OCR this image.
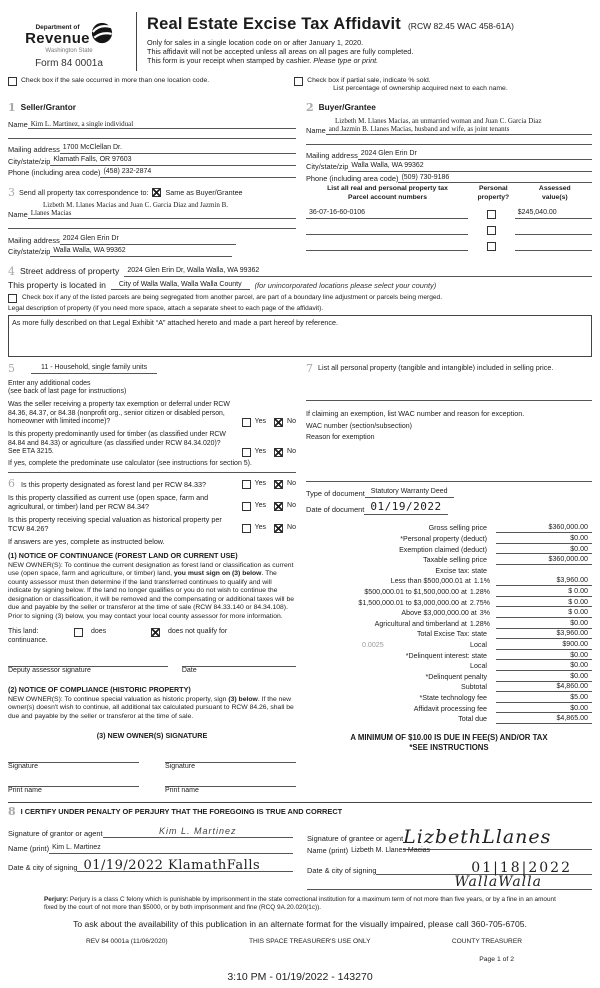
Department of
Revenue
Washington State
Form 84 0001a
Real Estate Excise Tax Affidavit (RCW 82.45 WAC 458-61A)
Only for sales in a single location code on or after January 1, 2020.
This affidavit will not be accepted unless all areas on all pages are fully completed.
This form is your receipt when stamped by cashier. Please type or print.
Check box if the sale occurred in more than one location code.	Check box if partial sale, indicate % sold.
List percentage of ownership acquired next to each name.
1 Seller/Grantor
Name Kim L. Martinez, a single individual
Mailing address 1700 McClellan Dr.
City/state/zip Klamath Falls, OR 97603
Phone (including area code) (458) 232-2874
3 Send all property tax correspondence to: Same as Buyer/Grantee
Lizbeth M. Llanes Macias and Juan C. Garcia Diaz and Jazmin B.
Name Llanes Macias
Mailing address 2024 Glen Erin Dr
City/state/zip Walla Walla, WA 99362
2 Buyer/Grantee
Lizbeth M. Llanes Macias, an unmarried woman and Juan C. Garcia Diaz
Name and Jazmin B. Llanes Macias, husband and wife, as joint tenants
Mailing address 2024 Glen Erin Dr
City/state/zip Walla Walla, WA 99362
Phone (including area code) (509) 730-9186
List all real and personal property tax
Parcel account numbers
Personal
property?
Assessed
value(s)
36-07-16-60-0106	$245,040.00
4 Street address of property	2024 Glen Erin Dr, Walla Walla, WA 99362
This property is located in	City of Walla Walla, Walla Walla County	(for unincorporated locations please select your county)
Check box if any of the listed parcels are being segregated from another parcel, are part of a boundary line adjustment or parcels being merged.
Legal description of property (if you need more space, attach a separate sheet to each page of the affidavit).
As more fully described on that Legal Exhibit “A” attached hereto and made a part hereof by reference.
5	11 - Household, single family units
Enter any additional codes
(see back of last page for instructions)
Was the seller receiving a property tax exemption or deferral under RCW 84.36, 84.37, or 84.38 (nonprofit org., senior citizen or disabled person, homeowner with limited income)?	Yes	No
Is this property predominantly used for timber (as classified under RCW 84.84 and 84.33) or agriculture (as classified under RCW 84.34.020)? See ETA 3215.	Yes	No
If yes, complete the predominate use calculator (see instructions for section 5).
6 Is this property designated as forest land per RCW 84.33?	Yes	No
Is this property classified as current use (open space, farm and agricultural, or timber) land per RCW 84.34?	Yes	No
Is this property receiving special valuation as historical property per TCW 84.26?	Yes	No
If answers are yes, complete as instructed below.
(1) NOTICE OF CONTINUANCE (FOREST LAND OR CURRENT USE)
NEW OWNER(S): To continue the current designation as forest land or classification as current use (open space, farm and agriculture, or timber) land, you must sign on (3) below. The county assessor must then determine if the land transferred continues to qualify and will indicate by signing below. If the land no longer qualifies or you do not wish to continue the designation or classification, it will be removed and the compensating or additional taxes will be due and payable by the seller or transferor at the time of sale (RCW 84.33.140 or 84.34.108). Prior to signing (3) below, you may contact your local county assessor for more information.
This land:	does	does not qualify for
continuance.
Deputy assessor signature	Date
(2) NOTICE OF COMPLIANCE (HISTORIC PROPERTY)
NEW OWNER(S): To continue special valuation as historic property, sign (3) below. If the new owner(s) doesn't wish to continue, all additional tax calculated pursuant to RCW 84.26, shall be due and payable by the seller or transferor at the time of sale.
(3) NEW OWNER(S) SIGNATURE
Signature	Signature
Print name	Print name
7 List all personal property (tangible and intangible) included in selling price.
If claiming an exemption, list WAC number and reason for exception.
WAC number (section/subsection)
Reason for exemption
Type of document Statutory Warranty Deed
Date of document 01/19/2022
Gross selling price	$360,000.00
*Personal property (deduct)	$0.00
Exemption claimed (deduct)	$0.00
Taxable selling price	$360,000.00
Excise tax: state
Less than $500,000.01 at 1.1%	$3,960.00
$500,000.01 to $1,500,000.00 at 1.28%	$ 0.00
$1,500,000.01 to $3,000,000.00 at 2.75%	$ 0.00
Above $3,000,000.00 at 3%	$ 0.00
Agricultural and timberland at 1.28%	$0.00
Total Excise Tax: state	$3,960.00
0.0025	Local	$900.00
*Delinquent interest: state	$0.00
Local	$0.00
*Delinquent penalty	$0.00
Subtotal	$4,860.00
*State technology fee	$5.00
Affidavit processing fee	$0.00
Total due	$4,865.00
A MINIMUM OF $10.00 IS DUE IN FEE(S) AND/OR TAX
*SEE INSTRUCTIONS
8 I CERTIFY UNDER PENALTY OF PERJURY THAT THE FOREGOING IS TRUE AND CORRECT
Signature of grantor or agent	Kim L. Martinez
Name (print) Kim L. Martinez
Date & city of signing 01/19/2022 KlamathFalls
Signature of grantee or agent LizbethLlanes
Name (print) Lizbeth M. Llanes Macias
Date & city of signing	01|18|2022
WallaWalla
Perjury: Perjury is a class C felony which is punishable by imprisonment in the state correctional institution for a maximum term of not more than five years, or by a fine in an amount fixed by the court of not more than $5000, or by both imprisonment and fine (RCQ 9A.20.020(1c)).
To ask about the availability of this publication in an alternate format for the visually impaired, please call 360-705-6705.
REV 84 0001a (11/06/2020)	THIS SPACE TREASURER'S USE ONLY	COUNTY TREASURER
Page 1 of 2
3:10 PM - 01/19/2022 - 143270
